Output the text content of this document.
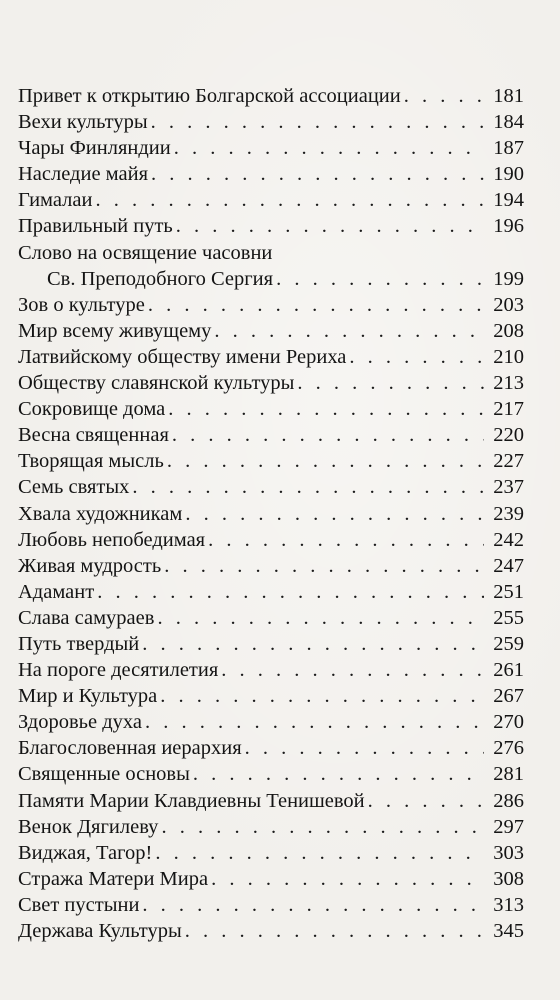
Привет к открытию Болгарской ассоциации . . .	181
Вехи культуры . . .	184
Чары Финляндии . . .	187
Наследие майя . . .	190
Гималаи . . .	194
Правильный путь . . .	196
Слово на освящение часовни
Св. Преподобного Сергия . . .	199
Зов о культуре . . .	203
Мир всему живущему . . .	208
Латвийскому обществу имени Рериха . . .	210
Обществу славянской культуры . . .	213
Сокровище дома . . .	217
Весна священная . . .	220
Творящая мысль . . .	227
Семь святых . . .	237
Хвала художникам . . .	239
Любовь непобедимая . . .	242
Живая мудрость . . .	247
Адамант . . .	251
Слава самураев . . .	255
Путь твердый . . .	259
На пороге десятилетия . . .	261
Мир и Культура . . .	267
Здоровье духа . . .	270
Благословенная иерархия . . .	276
Священные основы . . .	281
Памяти Марии Клавдиевны Тенишевой . . .	286
Венок Дягилеву . . .	297
Виджая, Тагор! . . .	303
Стража Матери Мира . . .	308
Свет пустыни . . .	313
Держава Культуры . . .	345
